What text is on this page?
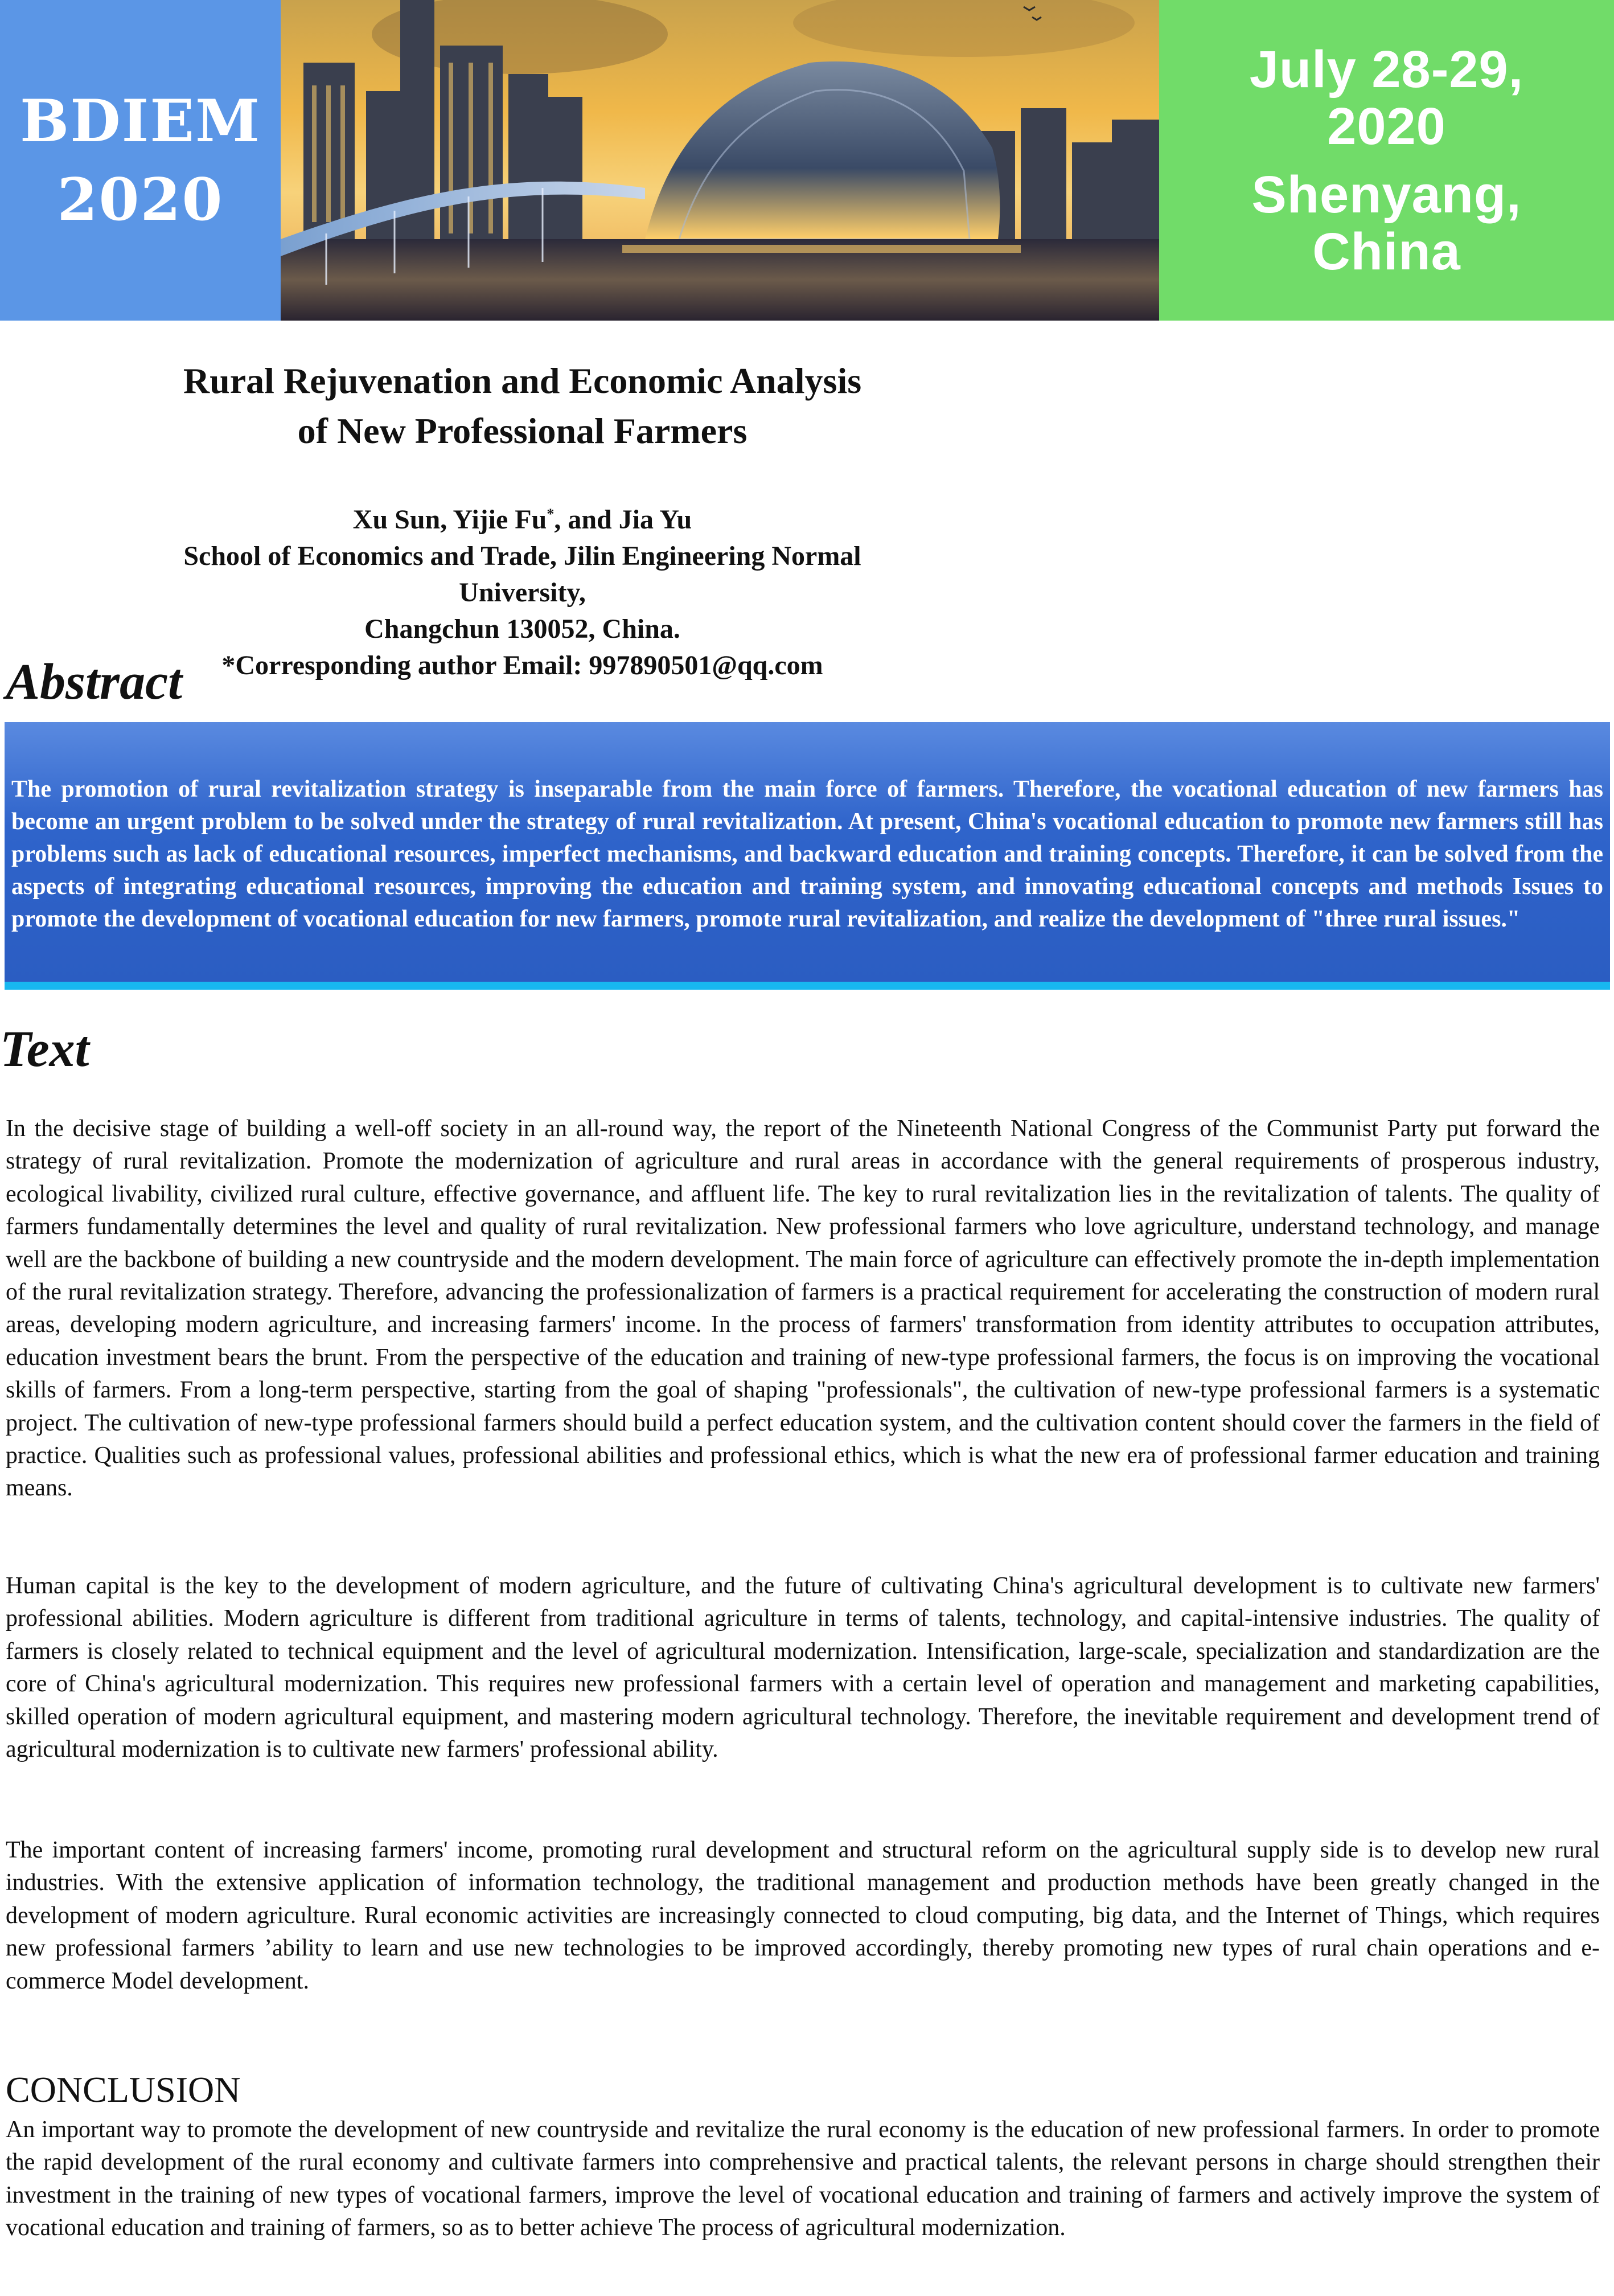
BDIEM
2020
July 28-29,
2020
Shenyang,
China
Rural Rejuvenation and Economic Analysis of New Professional Farmers
Xu Sun, Yijie Fu*, and Jia Yu
School of Economics and Trade, Jilin Engineering Normal University,
Changchun 130052, China.
*Corresponding author Email: 997890501@qq.com
Abstract

The promotion of rural revitalization strategy is inseparable from the main force of farmers. Therefore, the vocational education of new farmers has become an urgent problem to be solved under the strategy of rural revitalization. At present, China's vocational education to promote new farmers still has problems such as lack of educational resources, imperfect mechanisms, and backward education and training concepts. Therefore, it can be solved from the aspects of integrating educational resources, improving the education and training system, and innovating educational concepts and methods Issues to promote the development of vocational education for new farmers, promote rural revitalization, and realize the development of "three rural issues."

Text

In the decisive stage of building a well-off society in an all-round way, the report of the Nineteenth National Congress of the Communist Party put forward the strategy of rural revitalization. Promote the modernization of agriculture and rural areas in accordance with the general requirements of prosperous industry, ecological livability, civilized rural culture, effective governance, and affluent life. The key to rural revitalization lies in the revitalization of talents. The quality of farmers fundamentally determines the level and quality of rural revitalization. New professional farmers who love agriculture, understand technology, and manage well are the backbone of building a new countryside and the modern development. The main force of agriculture can effectively promote the in-depth implementation of the rural revitalization strategy. Therefore, advancing the professionalization of farmers is a practical requirement for accelerating the construction of modern rural areas, developing modern agriculture, and increasing farmers' income. In the process of farmers' transformation from identity attributes to occupation attributes, education investment bears the brunt. From the perspective of the education and training of new-type professional farmers, the focus is on improving the vocational skills of farmers. From a long-term perspective, starting from the goal of shaping "professionals", the cultivation of new-type professional farmers is a systematic project. The cultivation of new-type professional farmers should build a perfect education system, and the cultivation content should cover the farmers in the field of practice. Qualities such as professional values, professional abilities and professional ethics, which is what the new era of professional farmer education and training means.

Human capital is the key to the development of modern agriculture, and the future of cultivating China's agricultural development is to cultivate new farmers' professional abilities. Modern agriculture is different from traditional agriculture in terms of talents, technology, and capital-intensive industries. The quality of farmers is closely related to technical equipment and the level of agricultural modernization. Intensification, large-scale, specialization and standardization are the core of China's agricultural modernization. This requires new professional farmers with a certain level of operation and management and marketing capabilities, skilled operation of modern agricultural equipment, and mastering modern agricultural technology. Therefore, the inevitable requirement and development trend of agricultural modernization is to cultivate new farmers' professional ability.

The important content of increasing farmers' income, promoting rural development and structural reform on the agricultural supply side is to develop new rural industries. With the extensive application of information technology, the traditional management and production methods have been greatly changed in the development of modern agriculture. Rural economic activities are increasingly connected to cloud computing, big data, and the Internet of Things, which requires new professional farmers ’ability to learn and use new technologies to be improved accordingly, thereby promoting new types of rural chain operations and e-commerce Model development.

CONCLUSION

An important way to promote the development of new countryside and revitalize the rural economy is the education of new professional farmers. In order to promote the rapid development of the rural economy and cultivate farmers into comprehensive and practical talents, the relevant persons in charge should strengthen their investment in the training of new types of vocational farmers, improve the level of vocational education and training of farmers and actively improve the system of vocational education and training of farmers, so as to better achieve The process of agricultural modernization.
